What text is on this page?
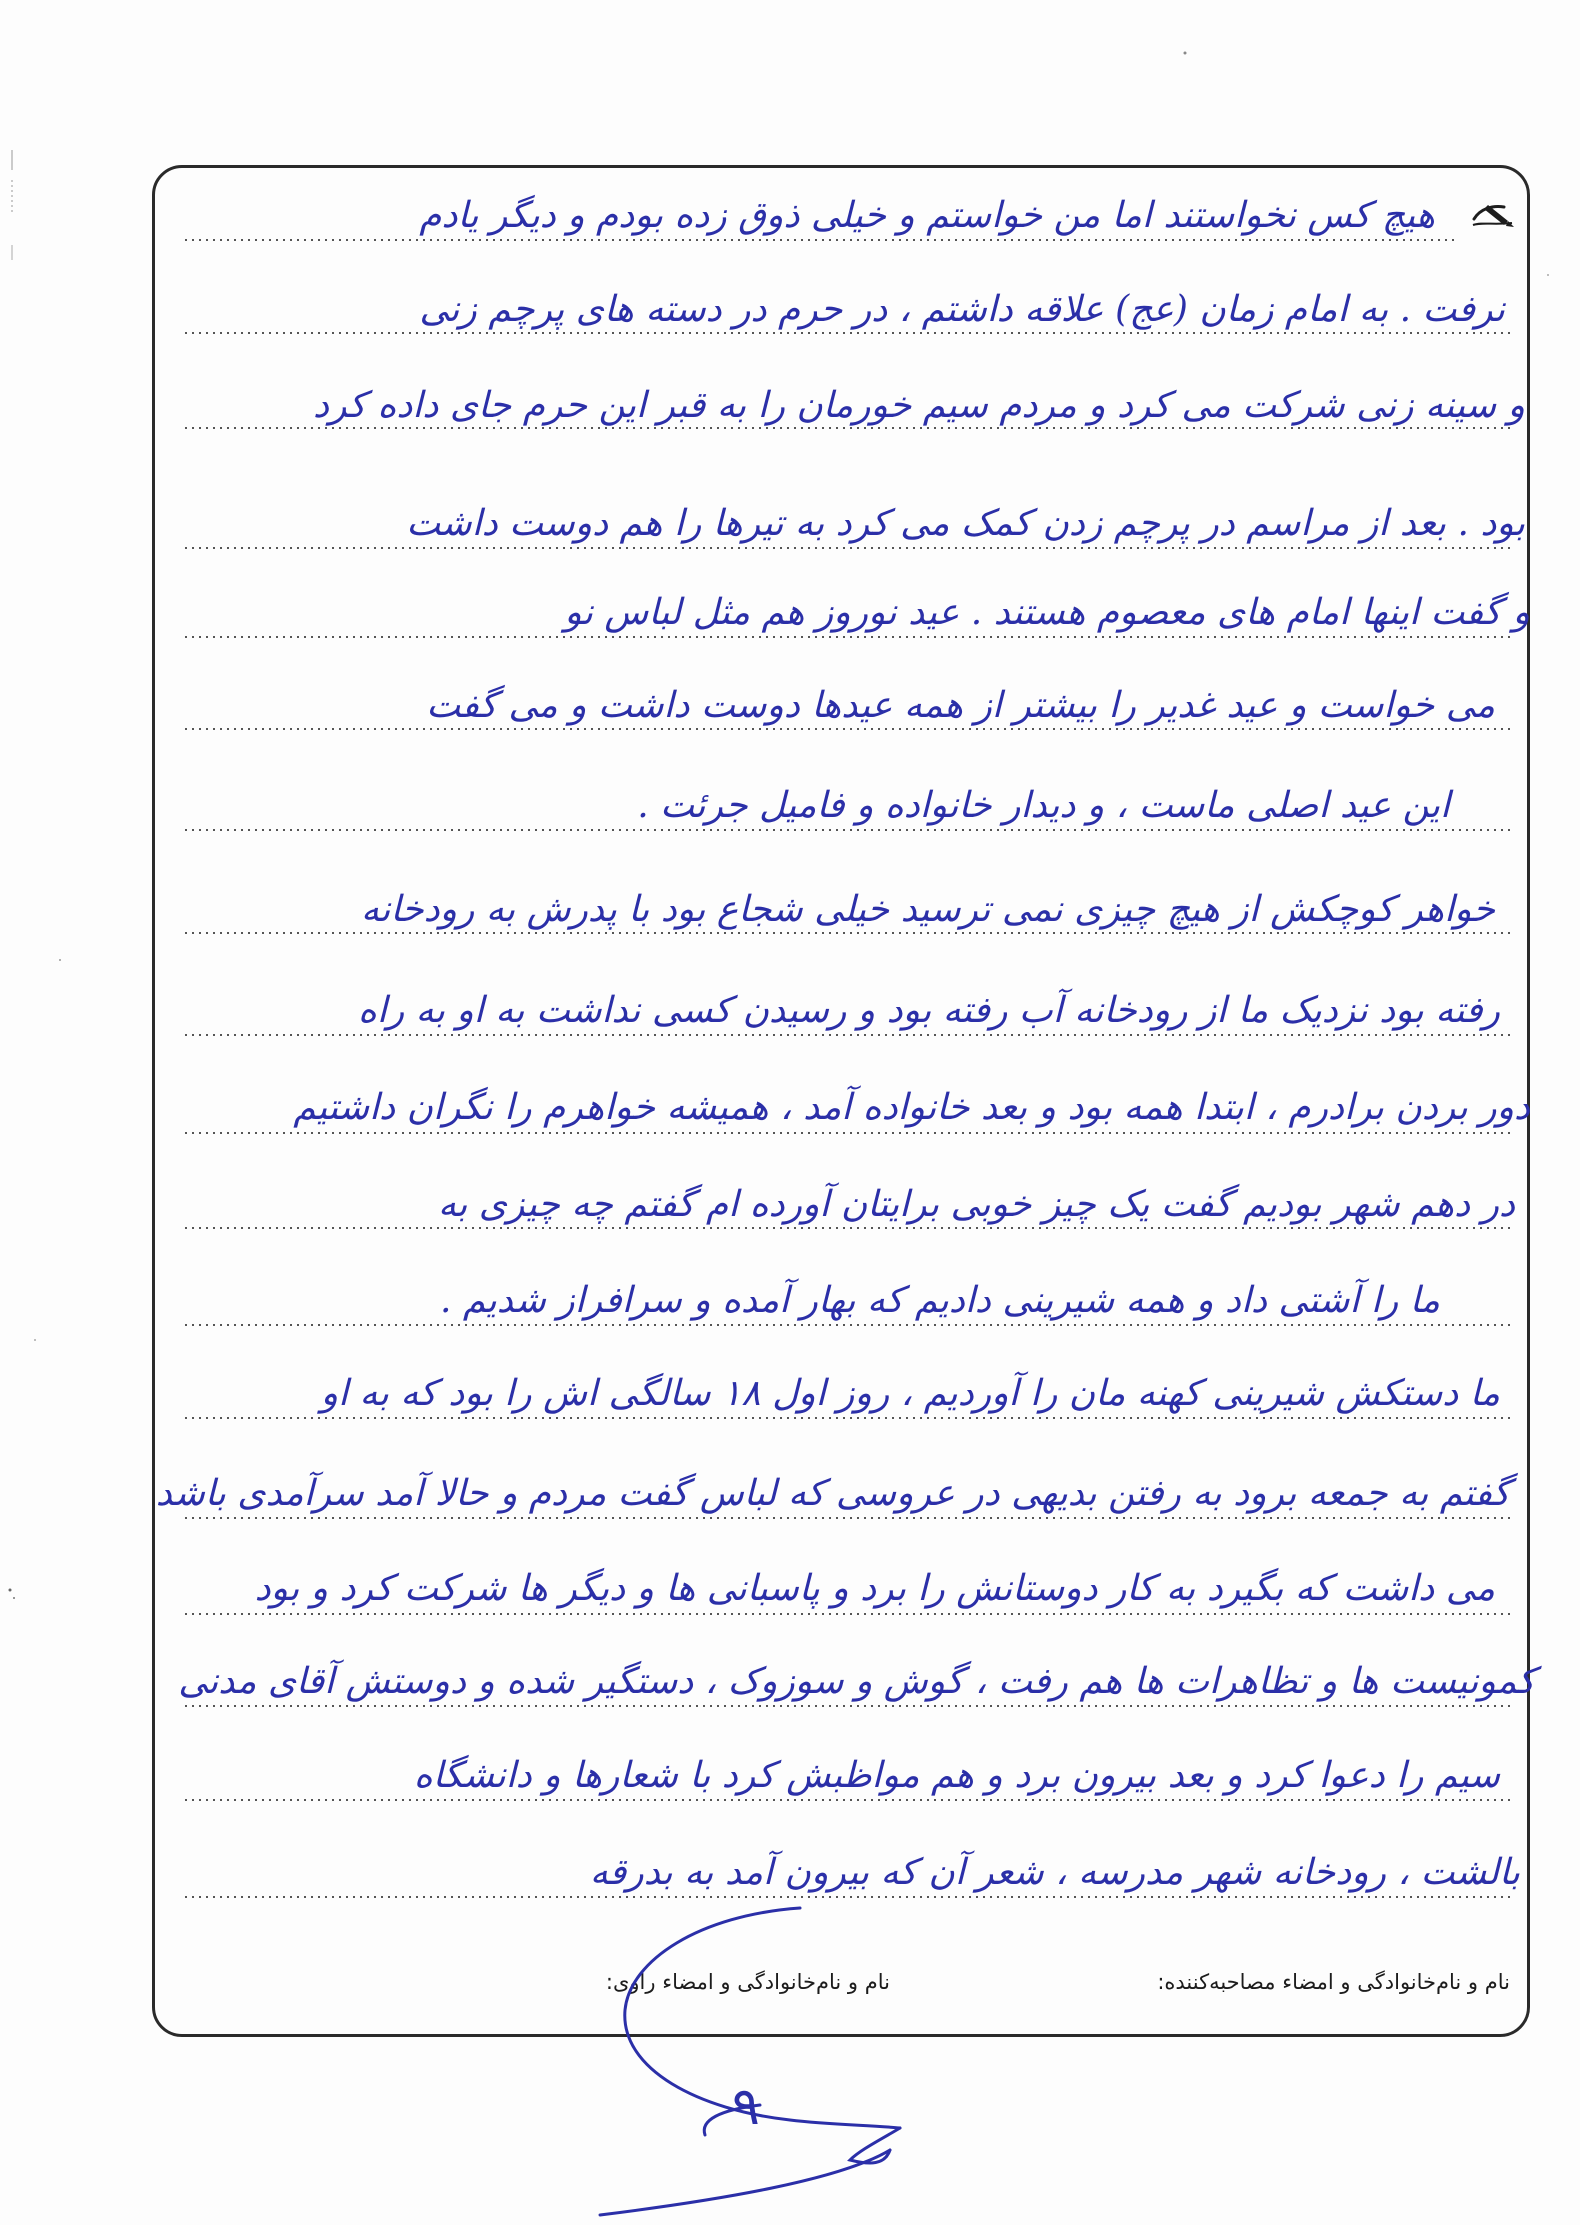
هیچ کس نخواستند اما من خواستم و خیلی ذوق زده بودم و دیگر یادم
نرفت . به امام زمان (عج) علاقه داشتم ، در حرم در دسته های پرچم زنی
و سینه زنی شرکت می کرد و مردم سیم خورمان را به قبر این حرم جای داده کرد
بود . بعد از مراسم در پرچم زدن کمک می کرد به تیرها را هم دوست داشت
و گفت اینها امام های معصوم هستند . عید نوروز هم مثل لباس نو
می خواست و عید غدیر را بیشتر از همه عیدها دوست داشت و می گفت
این عید اصلی ماست ، و دیدار خانواده و فامیل جرئت .
خواهر کوچکش از هیچ چیزی نمی ترسید خیلی شجاع بود با پدرش به رودخانه
رفته بود نزدیک ما از رودخانه آب رفته بود و رسیدن کسی نداشت به او به راه
دور بردن برادرم ، ابتدا همه بود و بعد خانواده آمد ، همیشه خواهرم را نگران داشتیم
در دهم شهر بودیم گفت یک چیز خوبی برایتان آورده ام گفتم چه چیزی به
ما را آشتی داد و همه شیرینی دادیم که بهار آمده و سرافراز شدیم .
ما دستکش شیرینی کهنه مان را آوردیم ، روز اول ۱۸ سالگی اش را بود که به او
گفتم به جمعه برود به رفتن بدیهی در عروسی که لباس گفت مردم و حالا آمد سرآمدی باشد
می داشت که بگیرد به کار دوستانش را برد و پاسبانی ها و دیگر ها شرکت کرد و بود
کمونیست ها و تظاهرات ها هم رفت ، گوش و سوزوک ، دستگیر شده و دوستش آقای مدنی
سیم را دعوا کرد و بعد بیرون برد و هم مواظبش کرد با شعارها و دانشگاه
بالشت ، رودخانه شهر مدرسه ، شعر آن که بیرون آمد به بدرقه
نام و نام‌خانوادگی و امضاء مصاحبه‌کننده:
نام و نام‌خانوادگی و امضاء راوی:
۹
